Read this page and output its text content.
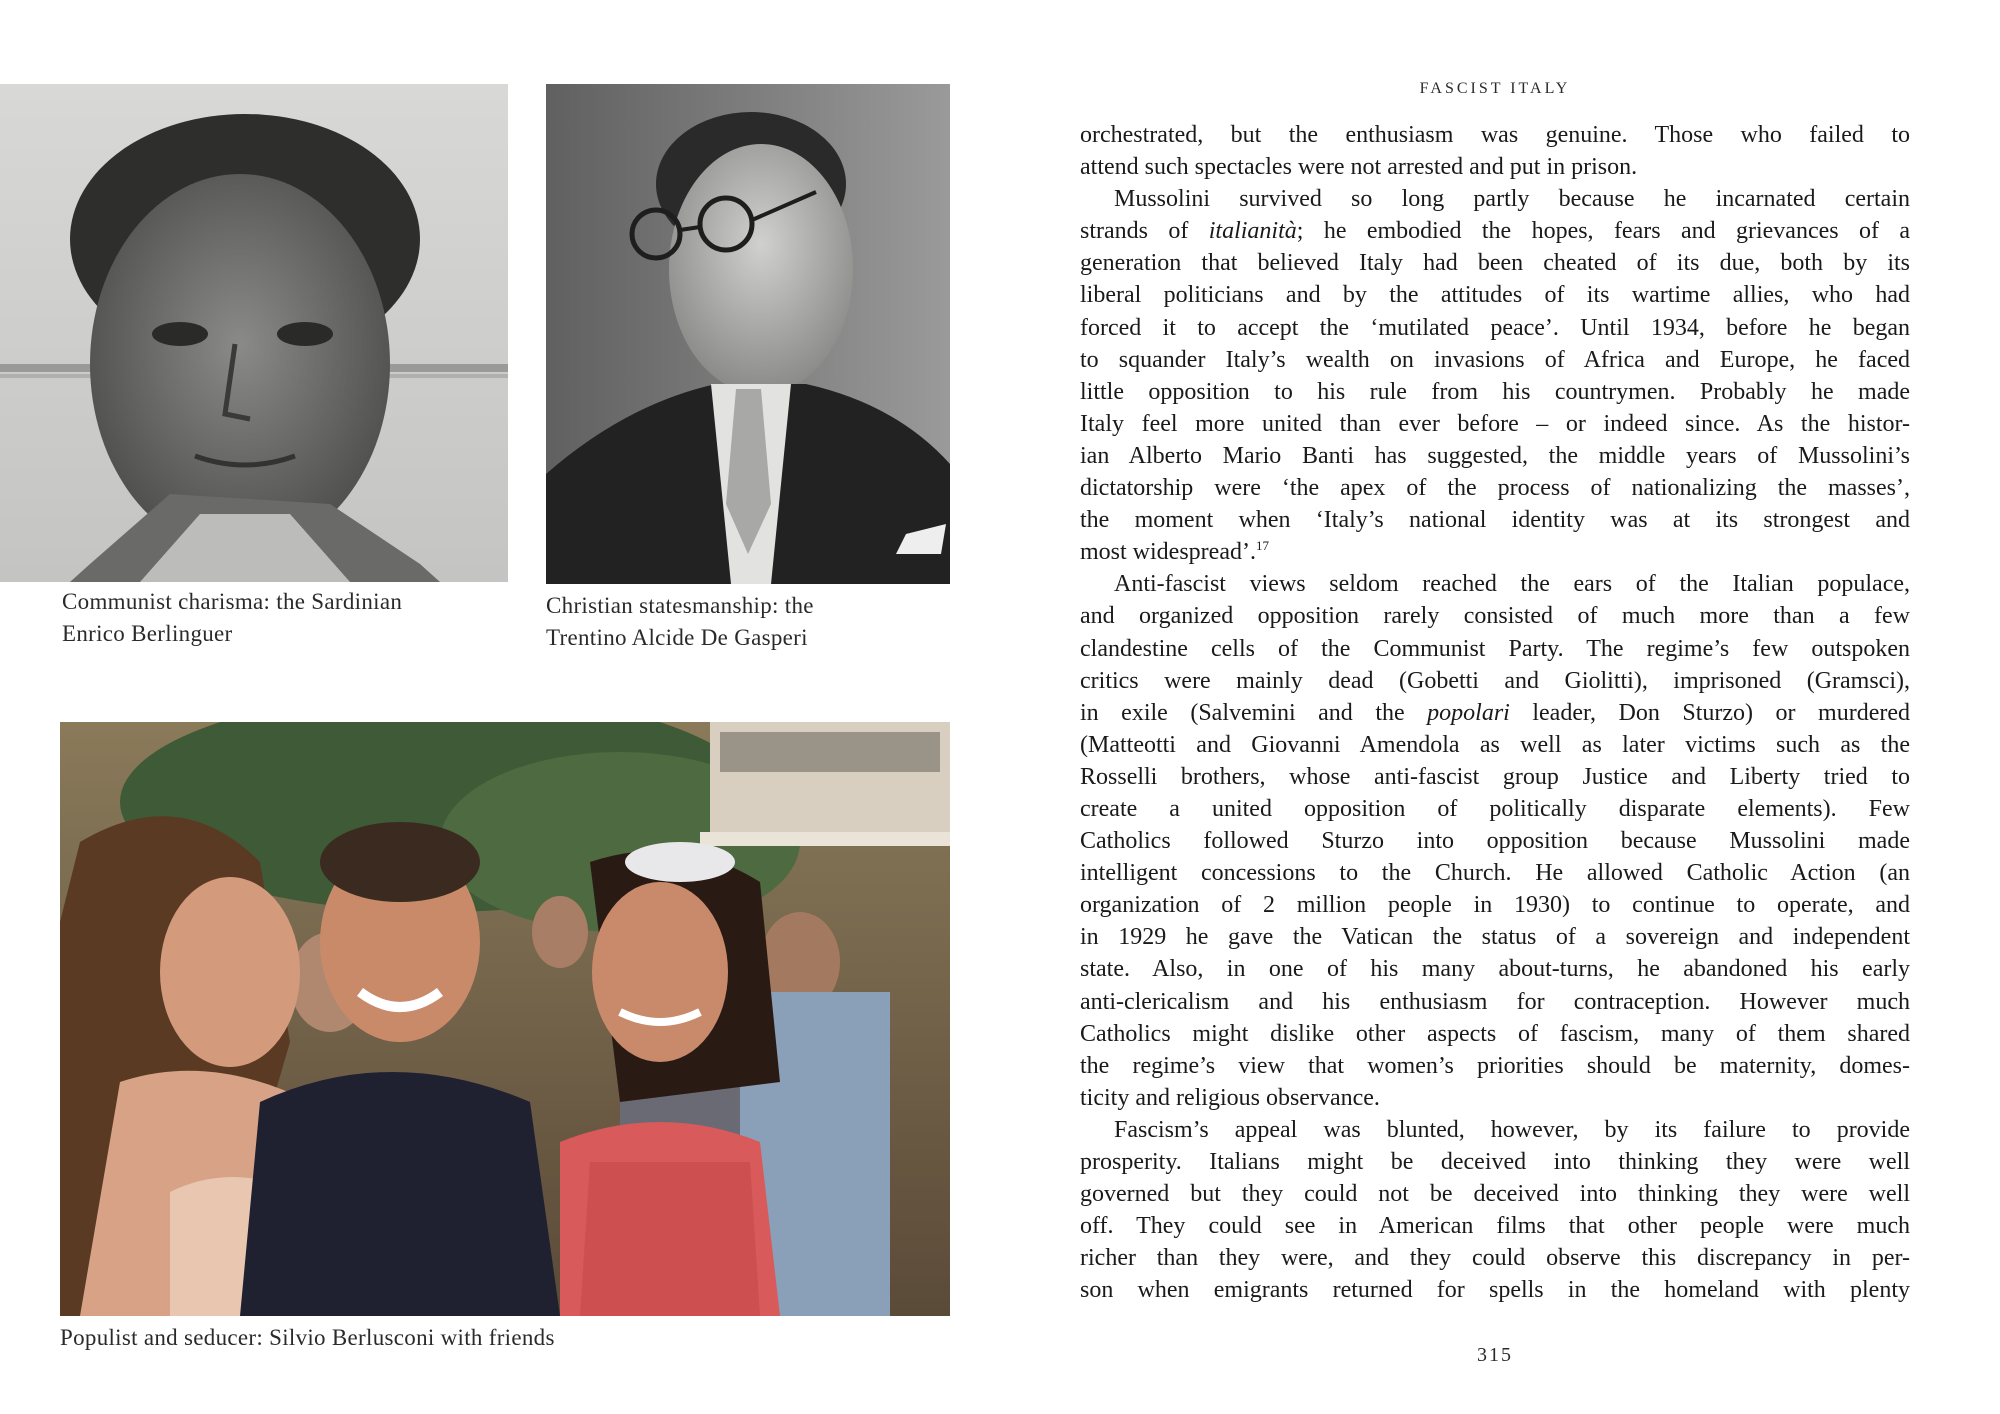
Communist charisma: the Sardinian
Enrico Berlinguer
Christian statesmanship: the
Trentino Alcide De Gasperi
Populist and seducer: Silvio Berlusconi with friends
FASCIST ITALY
orchestrated, but the enthusiasm was genuine. Those who failed to
attend such spectacles were not arrested and put in prison.
Mussolini survived so long partly because he incarnated certain
strands of italianità; he embodied the hopes, fears and grievances of a
generation that believed Italy had been cheated of its due, both by its
liberal politicians and by the attitudes of its wartime allies, who had
forced it to accept the ‘mutilated peace’. Until 1934, before he began
to squander Italy’s wealth on invasions of Africa and Europe, he faced
little opposition to his rule from his countrymen. Probably he made
Italy feel more united than ever before – or indeed since. As the histor-
ian Alberto Mario Banti has suggested, the middle years of Mussolini’s
dictatorship were ‘the apex of the process of nationalizing the masses’,
the moment when ‘Italy’s national identity was at its strongest and
most widespread’.$^{17}$
Anti-fascist views seldom reached the ears of the Italian populace,
and organized opposition rarely consisted of much more than a few
clandestine cells of the Communist Party. The regime’s few outspoken
critics were mainly dead (Gobetti and Giolitti), imprisoned (Gramsci),
in exile (Salvemini and the popolari leader, Don Sturzo) or murdered
(Matteotti and Giovanni Amendola as well as later victims such as the
Rosselli brothers, whose anti-fascist group Justice and Liberty tried to
create a united opposition of politically disparate elements). Few
Catholics followed Sturzo into opposition because Mussolini made
intelligent concessions to the Church. He allowed Catholic Action (an
organization of 2 million people in 1930) to continue to operate, and
in 1929 he gave the Vatican the status of a sovereign and independent
state. Also, in one of his many about-turns, he abandoned his early
anti-clericalism and his enthusiasm for contraception. However much
Catholics might dislike other aspects of fascism, many of them shared
the regime’s view that women’s priorities should be maternity, domes-
ticity and religious observance.
Fascism’s appeal was blunted, however, by its failure to provide
prosperity. Italians might be deceived into thinking they were well
governed but they could not be deceived into thinking they were well
off. They could see in American films that other people were much
richer than they were, and they could observe this discrepancy in per-
son when emigrants returned for spells in the homeland with plenty
315
